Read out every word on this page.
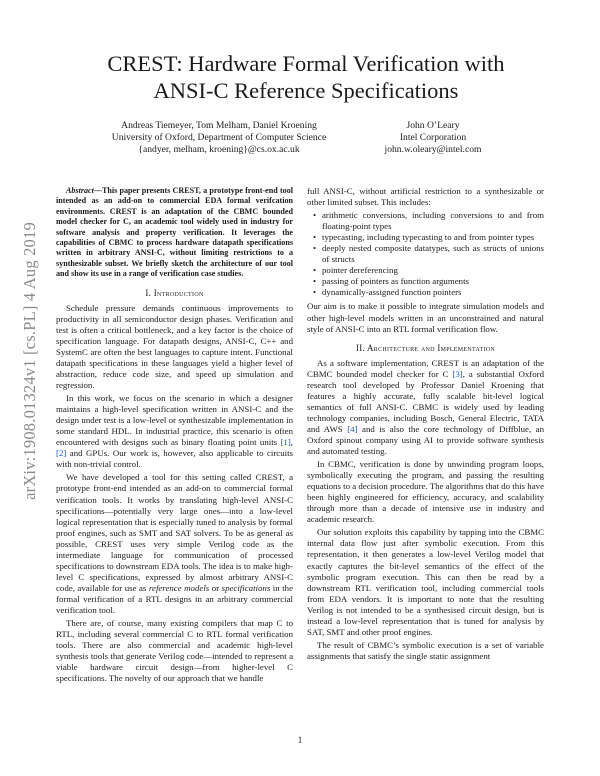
arXiv:1908.01324v1 [cs.PL] 4 Aug 2019
CREST: Hardware Formal Verification with
ANSI-C Reference Specifications
Andreas Tiemeyer, Tom Melham, Daniel Kroening
University of Oxford, Department of Computer Science
{andyer, melham, kroening}@cs.ox.ac.uk
John O’Leary
Intel Corporation
john.w.oleary@intel.com

Abstract—This paper presents CREST, a prototype front-end tool intended as an add-on to commercial EDA formal verifcation environments. CREST is an adaptation of the CBMC bounded model checker for C, an academic tool widely used in industry for software analysis and property verification. It leverages the capabilities of CBMC to process hardware datapath specifications written in arbitrary ANSI-C, without limiting restrictions to a synthesizable subset. We briefly sketch the architecture of our tool and show its use in a range of verification case studies.

I. Introduction

Schedule pressure demands continuous improvements to productivity in all semiconductor design phases. Verification and test is often a critical bottleneck, and a key factor is the choice of specification language. For datapath designs, ANSI-C, C++ and SystemC are often the best languages to capture intent. Functional datapath specifications in these languages yield a higher level of abstraction, reduce code size, and speed up simulation and regression.

In this work, we focus on the scenario in which a designer maintains a high-level specification written in ANSI-C and the design under test is a low-level or synthesizable implementation in some standard HDL. In industrial practice, this scenario is often encountered with designs such as binary floating point units [1], [2] and GPUs. Our work is, however, also applicable to circuits with non-trivial control.

We have developed a tool for this setting called CREST, a prototype front-end intended as an add-on to commercial formal verification tools. It works by translating high-level ANSI-C specifications—potentially very large ones—into a low-level logical representation that is especially tuned to analysis by formal proof engines, such as SMT and SAT solvers. To be as general as possible, CREST uses very simple Verilog code as the intermediate language for communication of processed specifications to downstream EDA tools. The idea is to make high-level C specifications, expressed by almost arbitrary ANSI-C code, available for use as reference models or specifications in the formal verification of a RTL designs in an arbitrary commercial verification tool.

There are, of course, many existing compilers that map C to RTL, including several commercial C to RTL formal verification tools. There are also commercial and academic high-level synthesis tools that generate Verilog code—intended to represent a viable hardware circuit design—from higher-level C specifications. The novelty of our approach that we handle

full ANSI-C, without artificial restriction to a synthesizable or other limited subset. This includes:

• arithmetic conversions, including conversions to and from floating-point types
• typecasting, including typecasting to and from pointer types
• deeply nested composite datatypes, such as structs of unions of structs
• pointer dereferencing
• passing of pointers as function arguments
• dynamically-assigned function pointers

Our aim is to make it possible to integrate simulation models and other high-level models written in an unconstrained and natural style of ANSI-C into an RTL formal verification flow.

II. Architecture and Implementation

As a software implementation, CREST is an adaptation of the CBMC bounded model checker for C [3], a substantial Oxford research tool developed by Professor Daniel Kroening that features a highly accurate, fully scalable bit-level logical semantics of full ANSI-C. CBMC is widely used by leading technology companies, including Bosch, General Electric, TATA and AWS [4] and is also the core technology of Diffblue, an Oxford spinout company using AI to provide software synthesis and automated testing.

In CBMC, verification is done by unwinding program loops, symbolically executing the program, and passing the resulting equations to a decision procedure. The algorithms that do this have been highly engineered for efficiency, accuracy, and scalability through more than a decade of intensive use in industry and academic research.

Our solution exploits this capability by tapping into the CBMC internal data flow just after symbolic execution. From this representation, it then generates a low-level Verilog model that exactly captures the bit-level semantics of the effect of the symbolic program execution. This can then be read by a downstream RTL verification tool, including commercial tools from EDA vendors. It is important to note that the resulting Verilog is not intended to be a synthesised circuit design, but is instead a low-level representation that is tuned for analysis by SAT, SMT and other proof engines.

The result of CBMC’s symbolic execution is a set of variable assignments that satisfy the single static assignment

1
